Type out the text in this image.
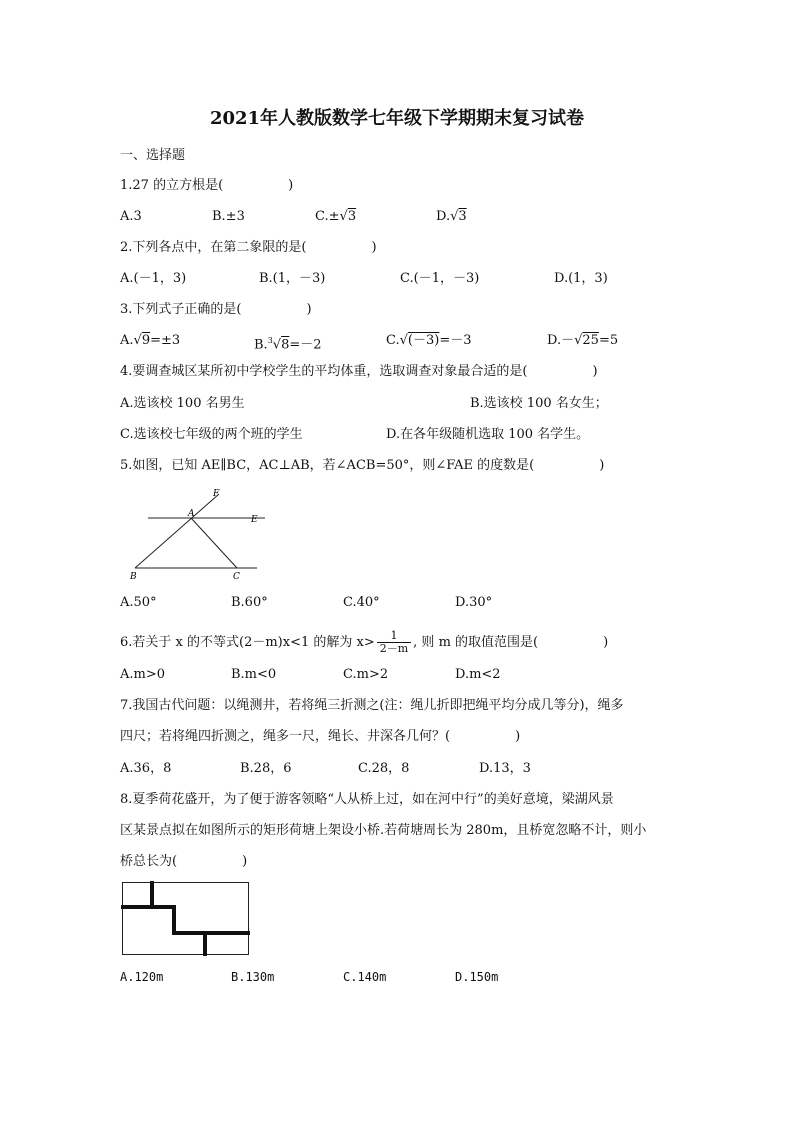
2021年人教版数学七年级下学期期末复习试卷
一、选择题
1.27 的立方根是(　　　　　)
A.3	B.±3	C.±√3	D.√3
2.下列各点中，在第二象限的是(　　　　　)
A.(－1，3)	B.(1，－3)	C.(－1，－3)	D.(1，3)
3.下列式子正确的是(　　　　　)
A.√9=±3	B.$^3$√8=－2	C.√(－3)=－3	D.－√25=5
4.要调查城区某所初中学校学生的平均体重，选取调查对象最合适的是(　　　　　)
A.选该校 100 名男生	B.选该校 100 名女生；
C.选该校七年级的两个班的学生	D.在各年级随机选取 100 名学生。
5.如图，已知 AE∥BC，AC⊥AB，若∠ACB=50°，则∠FAE 的度数是(　　　　　)
F
A
E
B	C
A.50°	B.60°	C.40°	D.30°
6.若关于 x 的不等式(2－m)x<1 的解为 $x> \frac{1}{2-m}$ , 则 m 的取值范围是(　　　　　)
A.m>0	B.m<0	C.m>2	D.m<2
7.我国古代问题：以绳测井，若将绳三折测之(注：绳儿折即把绳平均分成几等分)，绳多
四尺；若将绳四折测之，绳多一尺，绳长、井深各几何？(　　　　　)
A.36，8	B.28，6	C.28，8	D.13，3
8.夏季荷花盛开，为了便于游客领略“人从桥上过，如在河中行”的美好意境，梁湖风景
区某景点拟在如图所示的矩形荷塘上架设小桥.若荷塘周长为 280m，且桥宽忽略不计，则小
桥总长为(　　　　　)
A.120m	B.130m	C.140m	D.150m
